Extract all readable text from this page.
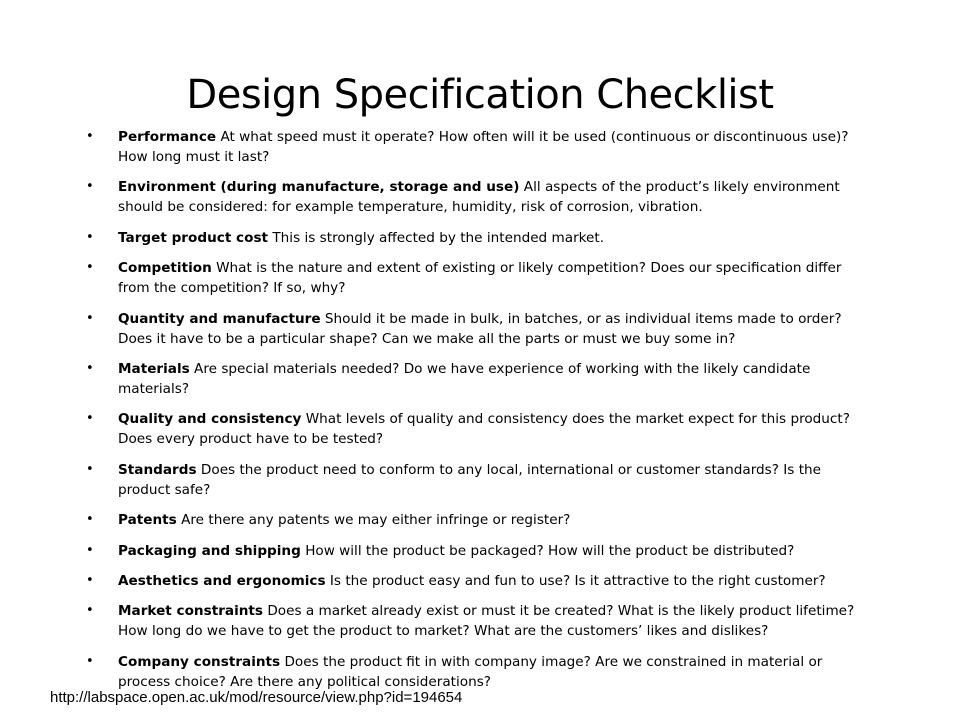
Design Specification Checklist
•	Performance At what speed must it operate? How often will it be used (continuous or discontinuous use)? How long must it last?
•	Environment (during manufacture, storage and use) All aspects of the product’s likely environment should be considered: for example temperature, humidity, risk of corrosion, vibration.
•	Target product cost This is strongly affected by the intended market.
•	Competition What is the nature and extent of existing or likely competition? Does our specification differ from the competition? If so, why?
•	Quantity and manufacture Should it be made in bulk, in batches, or as individual items made to order? Does it have to be a particular shape? Can we make all the parts or must we buy some in?
•	Materials Are special materials needed? Do we have experience of working with the likely candidate materials?
•	Quality and consistency What levels of quality and consistency does the market expect for this product? Does every product have to be tested?
•	Standards Does the product need to conform to any local, international or customer standards? Is the product safe?
•	Patents Are there any patents we may either infringe or register?
•	Packaging and shipping How will the product be packaged? How will the product be distributed?
•	Aesthetics and ergonomics Is the product easy and fun to use? Is it attractive to the right customer?
•	Market constraints Does a market already exist or must it be created? What is the likely product lifetime? How long do we have to get the product to market? What are the customers’ likes and dislikes?
•	Company constraints Does the product fit in with company image? Are we constrained in material or process choice? Are there any political considerations?
http://labspace.open.ac.uk/mod/resource/view.php?id=194654
